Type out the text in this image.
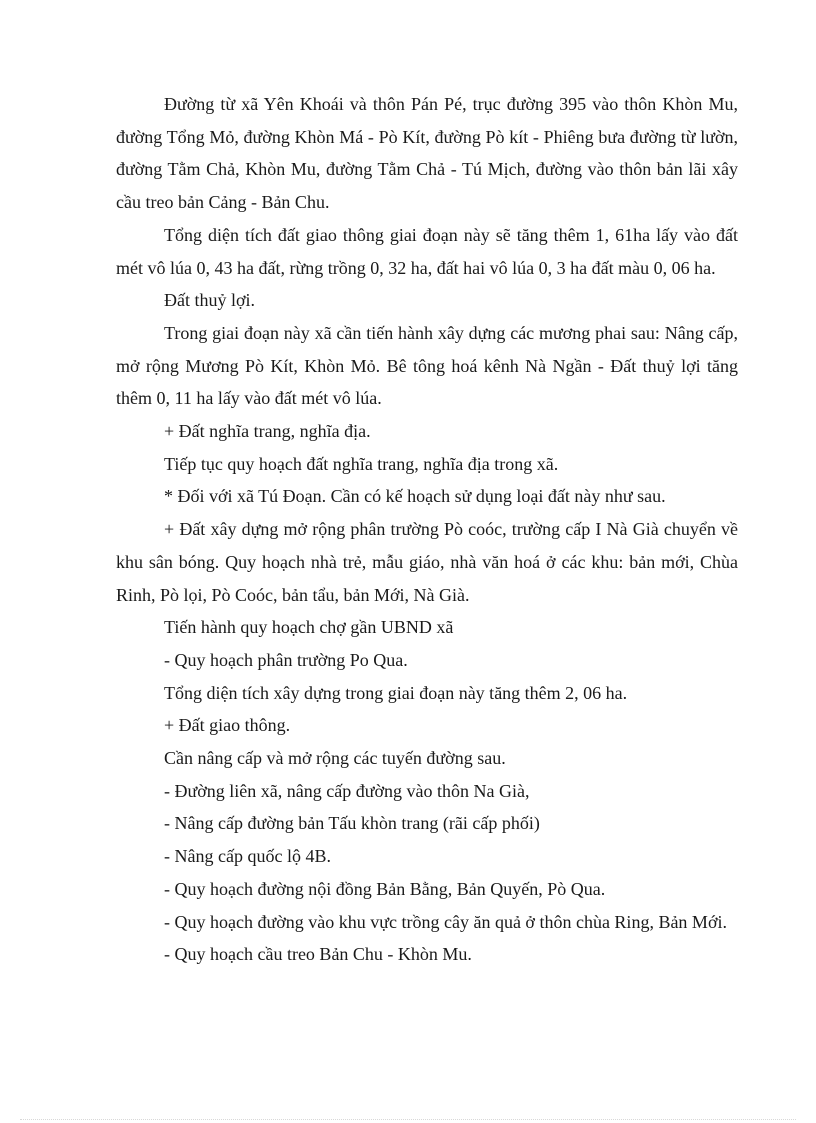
Đường từ xã Yên Khoái và thôn Pán Pé, trục đường 395 vào thôn Khòn Mu, đường Tổng Mỏ, đường Khòn Má - Pò Kít, đường Pò kít - Phiêng bưa đường từ lườn, đường Tằm Chả, Khòn Mu, đường Tằm Chả - Tú Mịch, đường vào thôn bản lãi xây cầu treo bản Cảng - Bản Chu.

Tổng diện tích đất giao thông giai đoạn này sẽ tăng thêm 1, 61ha lấy vào đất mét vô lúa 0, 43 ha đất, rừng trồng 0, 32 ha, đất hai vô lúa 0, 3 ha đất màu 0, 06 ha.

Đất thuỷ lợi.

Trong giai đoạn này xã cần tiến hành xây dựng các mương phai sau: Nâng cấp, mở rộng Mương Pò Kít, Khòn Mỏ. Bê tông hoá kênh Nà Ngần - Đất thuỷ lợi tăng thêm 0, 11 ha lấy vào đất mét vô lúa.

+ Đất nghĩa trang, nghĩa địa.

Tiếp tục quy hoạch đất nghĩa trang, nghĩa địa trong xã.

* Đối với xã Tú Đoạn. Cần có kế hoạch sử dụng loại đất này như sau.

+ Đất xây dựng mở rộng phân trường Pò coóc, trường cấp I Nà Già chuyển về khu sân bóng. Quy hoạch nhà trẻ, mẫu giáo, nhà văn hoá ở các khu: bản mới, Chùa Rinh, Pò lọi, Pò Coóc, bản tẩu, bản Mới, Nà Già.

Tiến hành quy hoạch chợ gần UBND xã

- Quy hoạch phân trường Po Qua.

Tổng diện tích xây dựng trong giai đoạn này tăng thêm 2, 06 ha.

+ Đất giao thông.

Cần nâng cấp và mở rộng các tuyến đường sau.

- Đường liên xã, nâng cấp đường vào thôn Na Già,

- Nâng cấp đường bản Tấu khòn trang (rãi cấp phối)

- Nâng cấp quốc lộ 4B.

- Quy hoạch đường nội đồng Bản Bằng, Bản Quyến, Pò Qua.

- Quy hoạch đường vào khu vực trồng cây ăn quả ở thôn chùa Ring, Bản Mới.

- Quy hoạch cầu treo Bản Chu - Khòn Mu.
